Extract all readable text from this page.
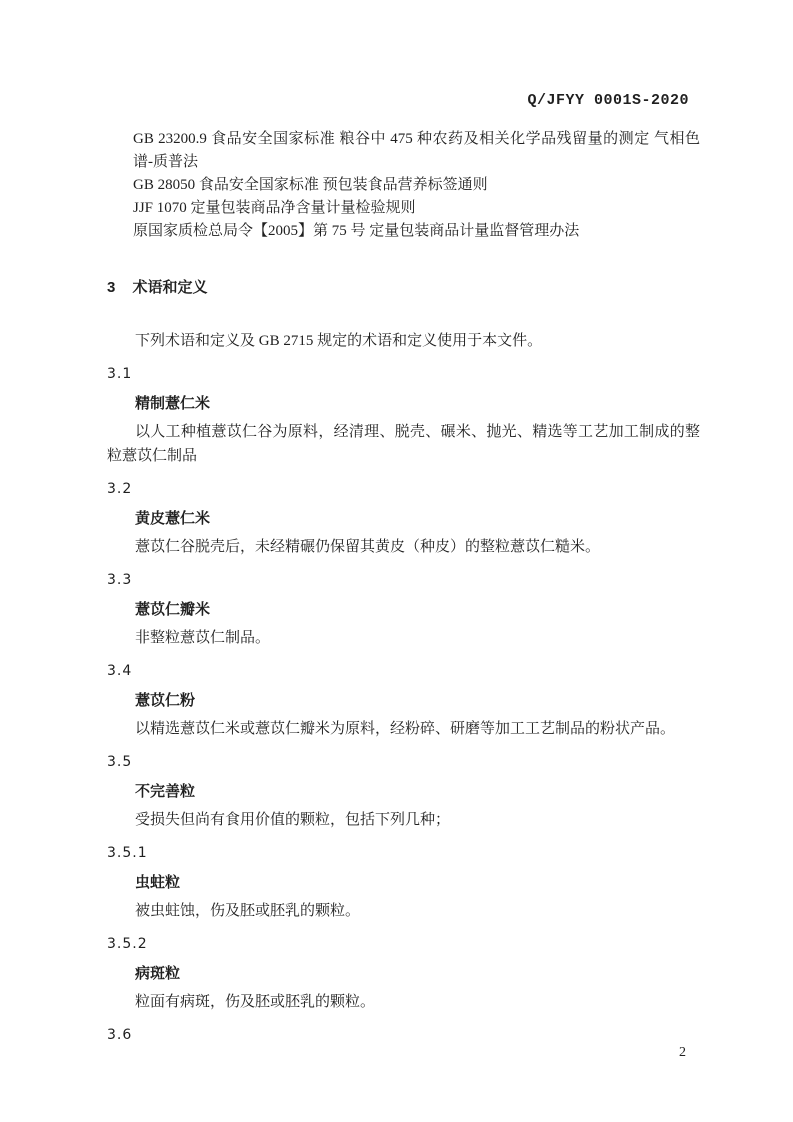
Q/JFYY 0001S-2020

GB 23200.9 食品安全国家标准 粮谷中 475 种农药及相关化学品残留量的测定 气相色谱-质普法

GB 28050 食品安全国家标准 预包装食品营养标签通则

JJF 1070 定量包装商品净含量计量检验规则

原国家质检总局令【2005】第 75 号 定量包装商品计量监督管理办法

3 术语和定义

下列术语和定义及 GB 2715 规定的术语和定义使用于本文件。

3.1

精制薏仁米

以人工种植薏苡仁谷为原料，经清理、脱壳、碾米、抛光、精选等工艺加工制成的整粒薏苡仁制品

3.2

黄皮薏仁米

薏苡仁谷脱壳后，未经精碾仍保留其黄皮（种皮）的整粒薏苡仁糙米。

3.3

薏苡仁瓣米

非整粒薏苡仁制品。

3.4

薏苡仁粉

以精选薏苡仁米或薏苡仁瓣米为原料，经粉碎、研磨等加工工艺制品的粉状产品。

3.5

不完善粒

受损失但尚有食用价值的颗粒，包括下列几种；

3.5.1

虫蛀粒

被虫蛀蚀，伤及胚或胚乳的颗粒。

3.5.2

病斑粒

粒面有病斑，伤及胚或胚乳的颗粒。

3.6

2
